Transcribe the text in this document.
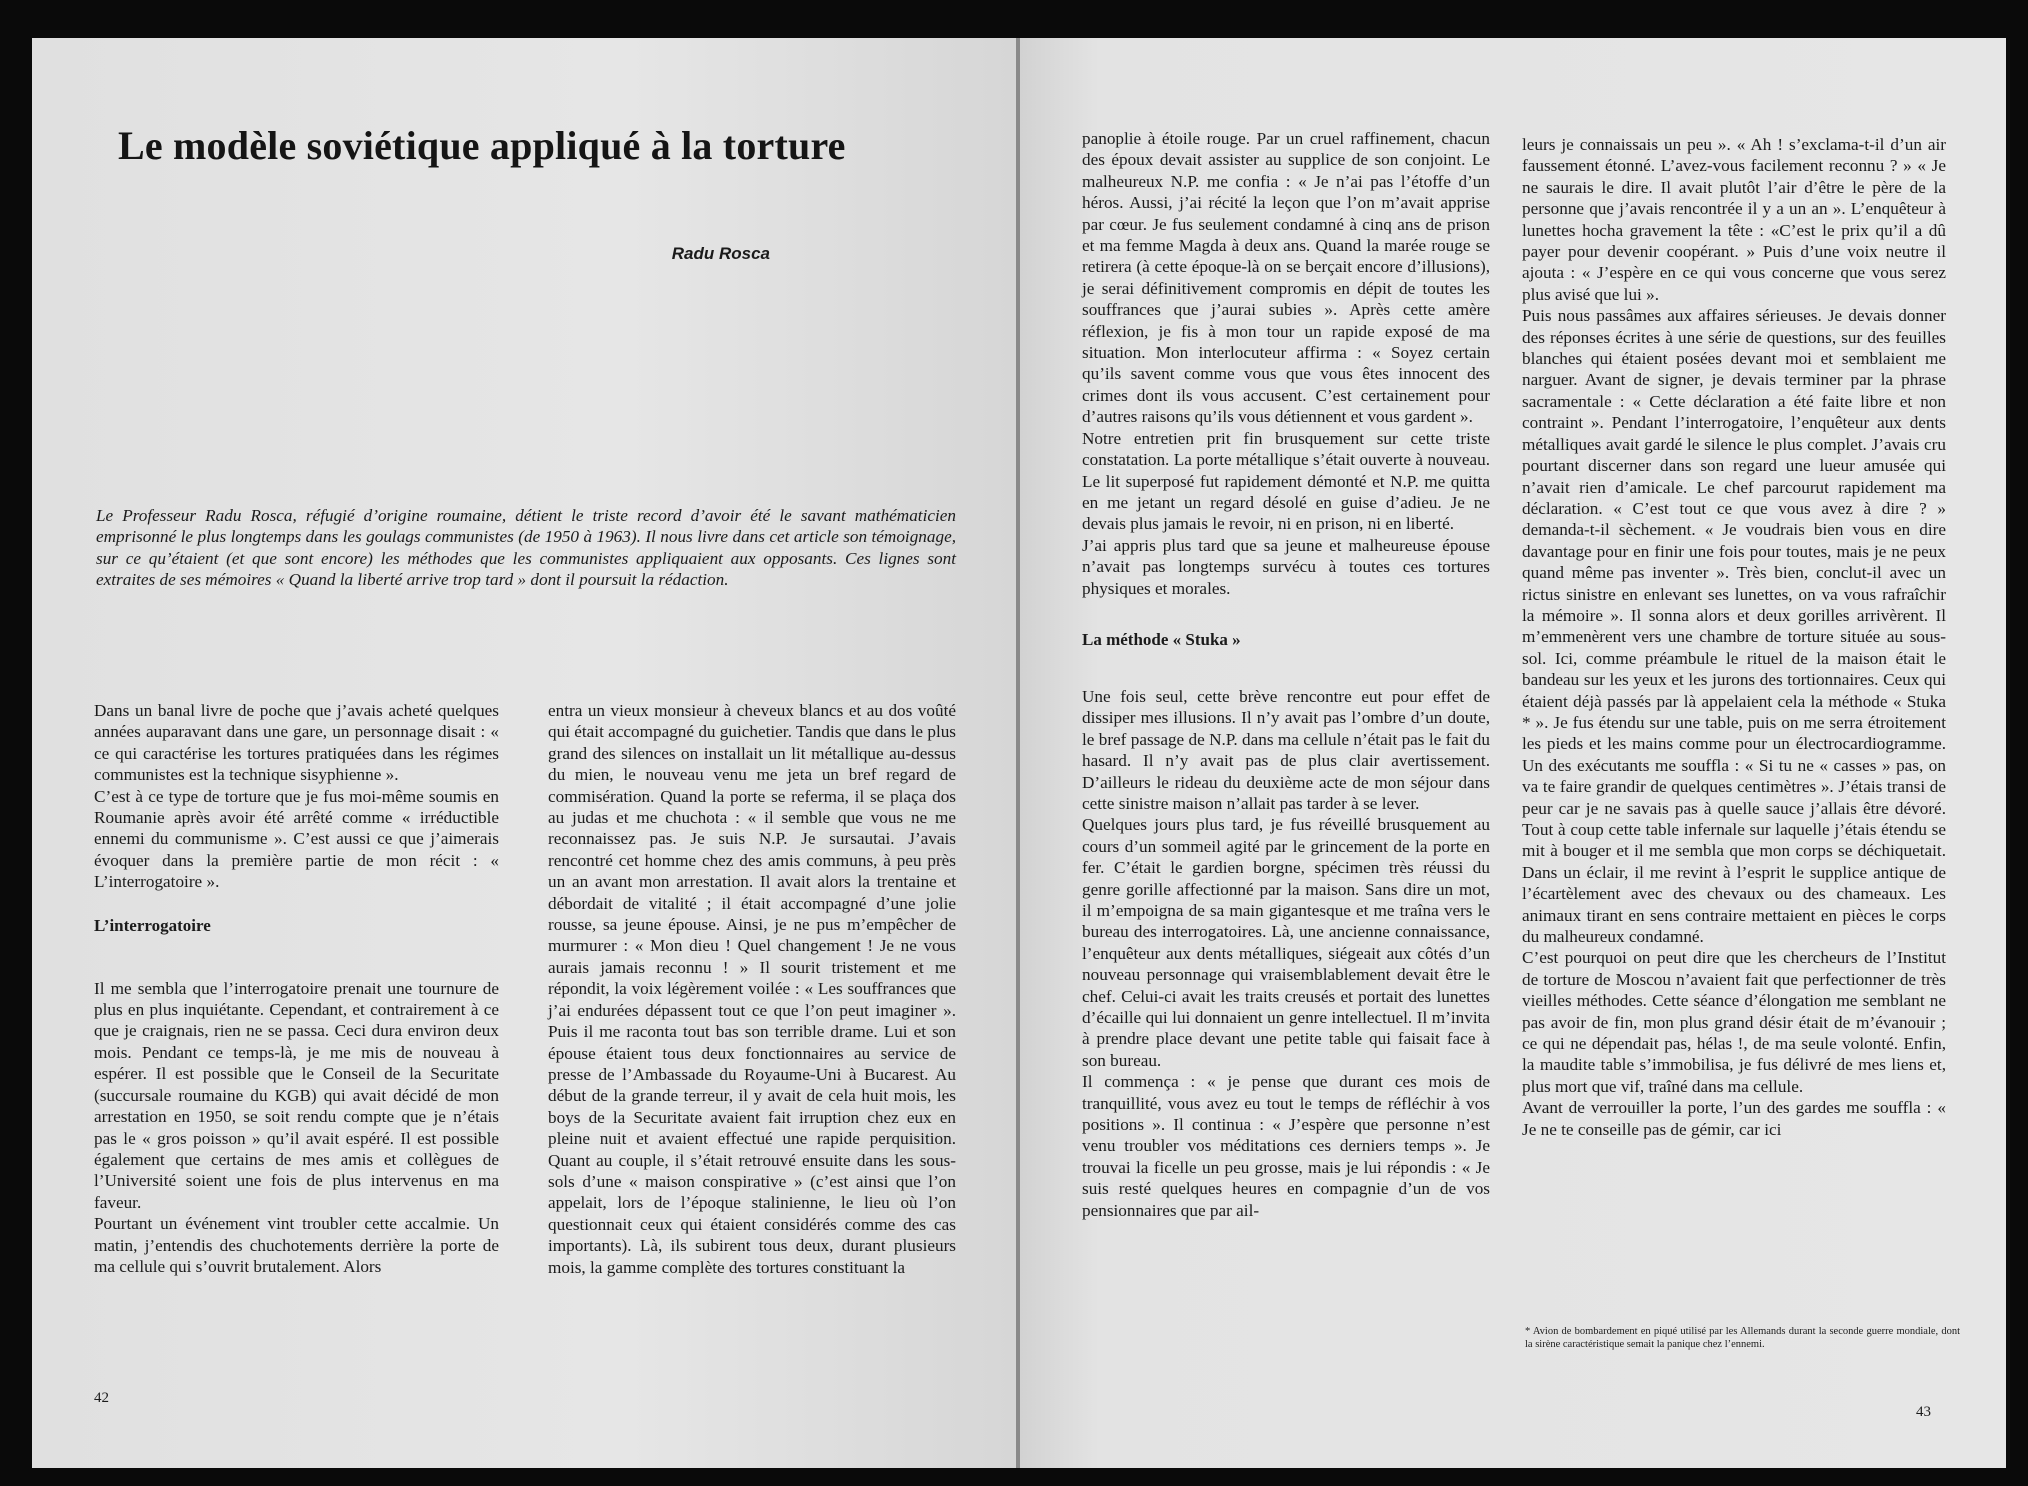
Le modèle soviétique appliqué à la torture

Radu Rosca

Le Professeur Radu Rosca, réfugié d’origine roumaine, détient le triste record d’avoir été le savant mathématicien emprisonné le plus longtemps dans les goulags communistes (de 1950 à 1963). Il nous livre dans cet article son témoignage, sur ce qu’étaient (et que sont encore) les méthodes que les communistes appliquaient aux opposants. Ces lignes sont extraites de ses mémoires « Quand la liberté arrive trop tard » dont il poursuit la rédaction.

Dans un banal livre de poche que j’avais acheté quelques années auparavant dans une gare, un personnage disait : « ce qui caractérise les tortures pratiquées dans les régimes communistes est la technique sisyphienne ».

C’est à ce type de torture que je fus moi-même soumis en Roumanie après avoir été arrêté comme « irréductible ennemi du communisme ». C’est aussi ce que j’aimerais évoquer dans la première partie de mon récit : « L’interrogatoire ».

L’interrogatoire

Il me sembla que l’interrogatoire prenait une tournure de plus en plus inquiétante. Cependant, et contrairement à ce que je craignais, rien ne se passa. Ceci dura environ deux mois. Pendant ce temps-là, je me mis de nouveau à espérer. Il est possible que le Conseil de la Securitate (succursale roumaine du KGB) qui avait décidé de mon arrestation en 1950, se soit rendu compte que je n’étais pas le « gros poisson » qu’il avait espéré. Il est possible également que certains de mes amis et collègues de l’Université soient une fois de plus intervenus en ma faveur.

Pourtant un événement vint troubler cette accalmie. Un matin, j’entendis des chuchotements derrière la porte de ma cellule qui s’ouvrit brutalement. Alors

entra un vieux monsieur à cheveux blancs et au dos voûté qui était accompagné du guichetier. Tandis que dans le plus grand des silences on installait un lit métallique au-dessus du mien, le nouveau venu me jeta un bref regard de commisération. Quand la porte se referma, il se plaça dos au judas et me chuchota : « il semble que vous ne me reconnaissez pas. Je suis N.P. Je sursautai. J’avais rencontré cet homme chez des amis communs, à peu près un an avant mon arrestation. Il avait alors la trentaine et débordait de vitalité ; il était accompagné d’une jolie rousse, sa jeune épouse. Ainsi, je ne pus m’empêcher de murmurer : « Mon dieu ! Quel changement ! Je ne vous aurais jamais reconnu ! » Il sourit tristement et me répondit, la voix légèrement voilée : « Les souffrances que j’ai endurées dépassent tout ce que l’on peut imaginer ». Puis il me raconta tout bas son terrible drame. Lui et son épouse étaient tous deux fonctionnaires au service de presse de l’Ambassade du Royaume-Uni à Bucarest. Au début de la grande terreur, il y avait de cela huit mois, les boys de la Securitate avaient fait irruption chez eux en pleine nuit et avaient effectué une rapide perquisition. Quant au couple, il s’était retrouvé ensuite dans les sous-sols d’une « maison conspirative » (c’est ainsi que l’on appelait, lors de l’époque stalinienne, le lieu où l’on questionnait ceux qui étaient considérés comme des cas importants). Là, ils subirent tous deux, durant plusieurs mois, la gamme complète des tortures constituant la

42

panoplie à étoile rouge. Par un cruel raffinement, chacun des époux devait assister au supplice de son conjoint. Le malheureux N.P. me confia : « Je n’ai pas l’étoffe d’un héros. Aussi, j’ai récité la leçon que l’on m’avait apprise par cœur. Je fus seulement condamné à cinq ans de prison et ma femme Magda à deux ans. Quand la marée rouge se retirera (à cette époque-là on se berçait encore d’illusions), je serai définitivement compromis en dépit de toutes les souffrances que j’aurai subies ». Après cette amère réflexion, je fis à mon tour un rapide exposé de ma situation. Mon interlocuteur affirma : « Soyez certain qu’ils savent comme vous que vous êtes innocent des crimes dont ils vous accusent. C’est certainement pour d’autres raisons qu’ils vous détiennent et vous gardent ».

Notre entretien prit fin brusquement sur cette triste constatation. La porte métallique s’était ouverte à nouveau. Le lit superposé fut rapidement démonté et N.P. me quitta en me jetant un regard désolé en guise d’adieu. Je ne devais plus jamais le revoir, ni en prison, ni en liberté.

J’ai appris plus tard que sa jeune et malheureuse épouse n’avait pas longtemps survécu à toutes ces tortures physiques et morales.

La méthode « Stuka »

Une fois seul, cette brève rencontre eut pour effet de dissiper mes illusions. Il n’y avait pas l’ombre d’un doute, le bref passage de N.P. dans ma cellule n’était pas le fait du hasard. Il n’y avait pas de plus clair avertissement. D’ailleurs le rideau du deuxième acte de mon séjour dans cette sinistre maison n’allait pas tarder à se lever.

Quelques jours plus tard, je fus réveillé brusquement au cours d’un sommeil agité par le grincement de la porte en fer. C’était le gardien borgne, spécimen très réussi du genre gorille affectionné par la maison. Sans dire un mot, il m’empoigna de sa main gigantesque et me traîna vers le bureau des interrogatoires. Là, une ancienne connaissance, l’enquêteur aux dents métalliques, siégeait aux côtés d’un nouveau personnage qui vraisemblablement devait être le chef. Celui-ci avait les traits creusés et portait des lunettes d’écaille qui lui donnaient un genre intellectuel. Il m’invita à prendre place devant une petite table qui faisait face à son bureau.

Il commença : « je pense que durant ces mois de tranquillité, vous avez eu tout le temps de réfléchir à vos positions ». Il continua : « J’espère que personne n’est venu troubler vos méditations ces derniers temps ». Je trouvai la ficelle un peu grosse, mais je lui répondis : « Je suis resté quelques heures en compagnie d’un de vos pensionnaires que par ail-

leurs je connaissais un peu ». « Ah ! s’exclama-t-il d’un air faussement étonné. L’avez-vous facilement reconnu ? » « Je ne saurais le dire. Il avait plutôt l’air d’être le père de la personne que j’avais rencontrée il y a un an ». L’enquêteur à lunettes hocha gravement la tête : «C’est le prix qu’il a dû payer pour devenir coopérant. » Puis d’une voix neutre il ajouta : « J’espère en ce qui vous concerne que vous serez plus avisé que lui ».

Puis nous passâmes aux affaires sérieuses. Je devais donner des réponses écrites à une série de questions, sur des feuilles blanches qui étaient posées devant moi et semblaient me narguer. Avant de signer, je devais terminer par la phrase sacramentale : « Cette déclaration a été faite libre et non contraint ». Pendant l’interrogatoire, l’enquêteur aux dents métalliques avait gardé le silence le plus complet. J’avais cru pourtant discerner dans son regard une lueur amusée qui n’avait rien d’amicale. Le chef parcourut rapidement ma déclaration. « C’est tout ce que vous avez à dire ? » demanda-t-il sèchement. « Je voudrais bien vous en dire davantage pour en finir une fois pour toutes, mais je ne peux quand même pas inventer ». Très bien, conclut-il avec un rictus sinistre en enlevant ses lunettes, on va vous rafraîchir la mémoire ». Il sonna alors et deux gorilles arrivèrent. Il m’emmenèrent vers une chambre de torture située au sous-sol. Ici, comme préambule le rituel de la maison était le bandeau sur les yeux et les jurons des tortionnaires. Ceux qui étaient déjà passés par là appelaient cela la méthode « Stuka * ». Je fus étendu sur une table, puis on me serra étroitement les pieds et les mains comme pour un électrocardiogramme. Un des exécutants me souffla : « Si tu ne « casses » pas, on va te faire grandir de quelques centimètres ». J’étais transi de peur car je ne savais pas à quelle sauce j’allais être dévoré. Tout à coup cette table infernale sur laquelle j’étais étendu se mit à bouger et il me sembla que mon corps se déchiquetait. Dans un éclair, il me revint à l’esprit le supplice antique de l’écartèlement avec des chevaux ou des chameaux. Les animaux tirant en sens contraire mettaient en pièces le corps du malheureux condamné.

C’est pourquoi on peut dire que les chercheurs de l’Institut de torture de Moscou n’avaient fait que perfectionner de très vieilles méthodes. Cette séance d’élongation me semblant ne pas avoir de fin, mon plus grand désir était de m’évanouir ; ce qui ne dépendait pas, hélas !, de ma seule volonté. Enfin, la maudite table s’immobilisa, je fus délivré de mes liens et, plus mort que vif, traîné dans ma cellule.

Avant de verrouiller la porte, l’un des gardes me souffla : « Je ne te conseille pas de gémir, car ici

* Avion de bombardement en piqué utilisé par les Allemands durant la seconde guerre mondiale, dont la sirène caractéristique semait la panique chez l’ennemi.

43
